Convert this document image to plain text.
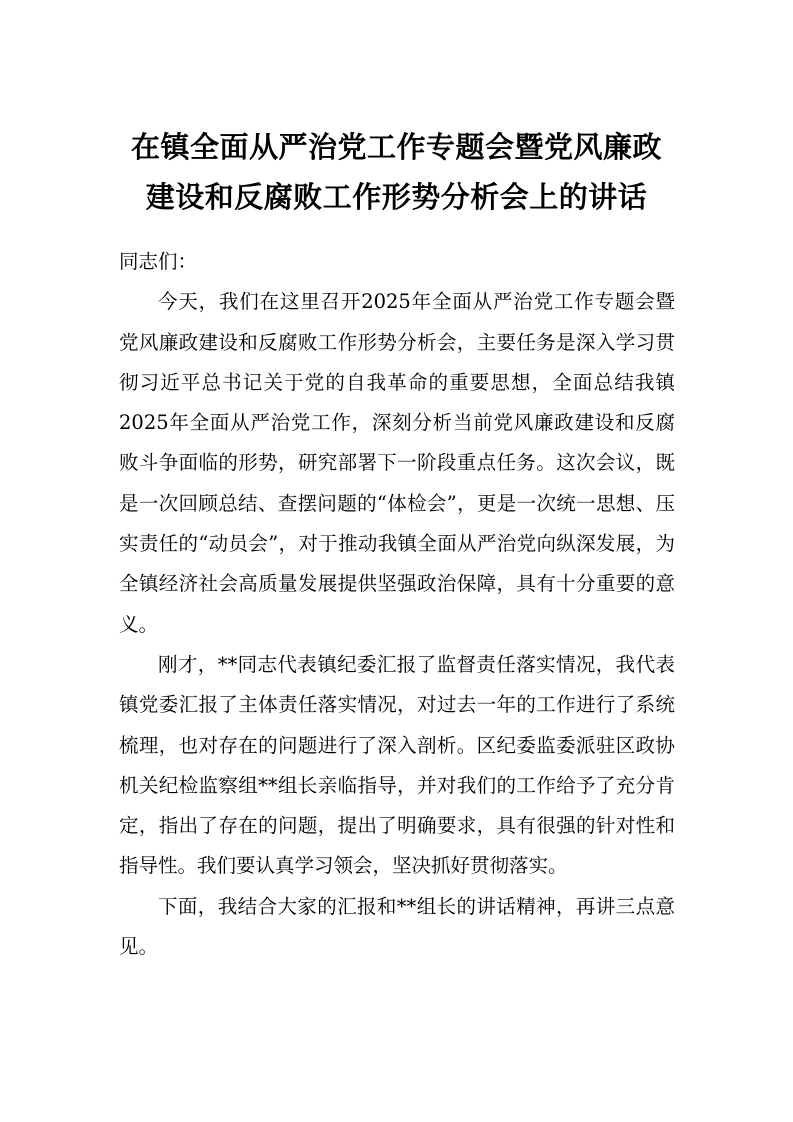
在镇全面从严治党工作专题会暨党风廉政
建设和反腐败工作形势分析会上的讲话

同志们：

今天，我们在这里召开2025年全面从严治党工作专题会暨党风廉政建设和反腐败工作形势分析会，主要任务是深入学习贯彻习近平总书记关于党的自我革命的重要思想，全面总结我镇2025年全面从严治党工作，深刻分析当前党风廉政建设和反腐败斗争面临的形势，研究部署下一阶段重点任务。这次会议，既是一次回顾总结、查摆问题的“体检会”，更是一次统一思想、压实责任的“动员会”，对于推动我镇全面从严治党向纵深发展，为全镇经济社会高质量发展提供坚强政治保障，具有十分重要的意义。

刚才，**同志代表镇纪委汇报了监督责任落实情况，我代表镇党委汇报了主体责任落实情况，对过去一年的工作进行了系统梳理，也对存在的问题进行了深入剖析。区纪委监委派驻区政协机关纪检监察组**组长亲临指导，并对我们的工作给予了充分肯定，指出了存在的问题，提出了明确要求，具有很强的针对性和指导性。我们要认真学习领会，坚决抓好贯彻落实。

下面，我结合大家的汇报和**组长的讲话精神，再讲三点意见。
